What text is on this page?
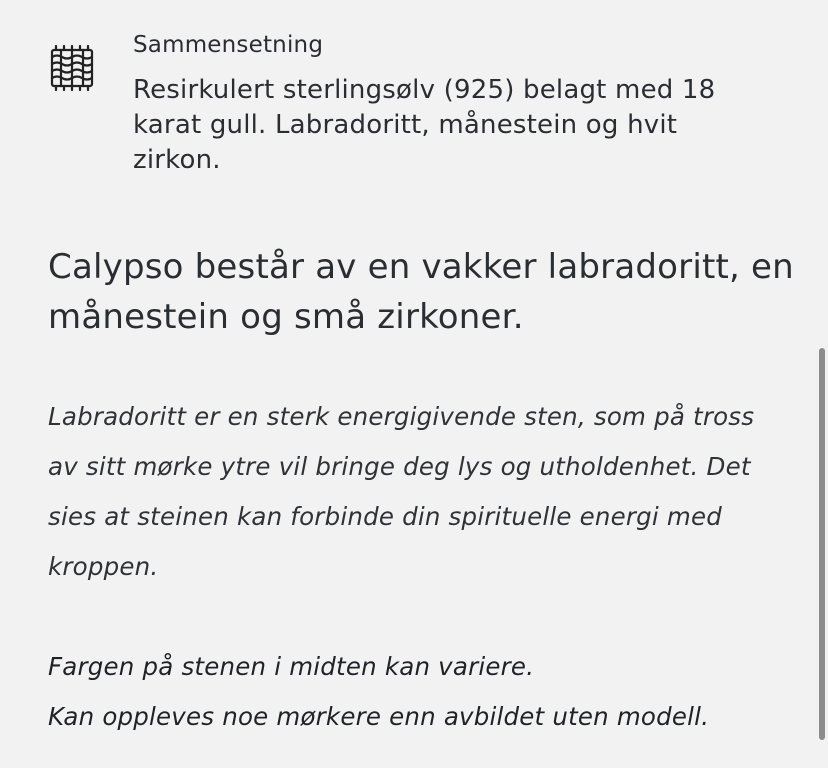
Sammensetning
Resirkulert sterlingsølv (925) belagt med 18 karat gull. Labradoritt, månestein og hvit zirkon.
Calypso består av en vakker labradoritt, en månestein og små zirkoner.
Labradoritt er en sterk energigivende sten, som på tross av sitt mørke ytre vil bringe deg lys og utholdenhet. Det sies at steinen kan forbinde din spirituelle energi med kroppen.

Fargen på stenen i midten kan variere.

Kan oppleves noe mørkere enn avbildet uten modell.
